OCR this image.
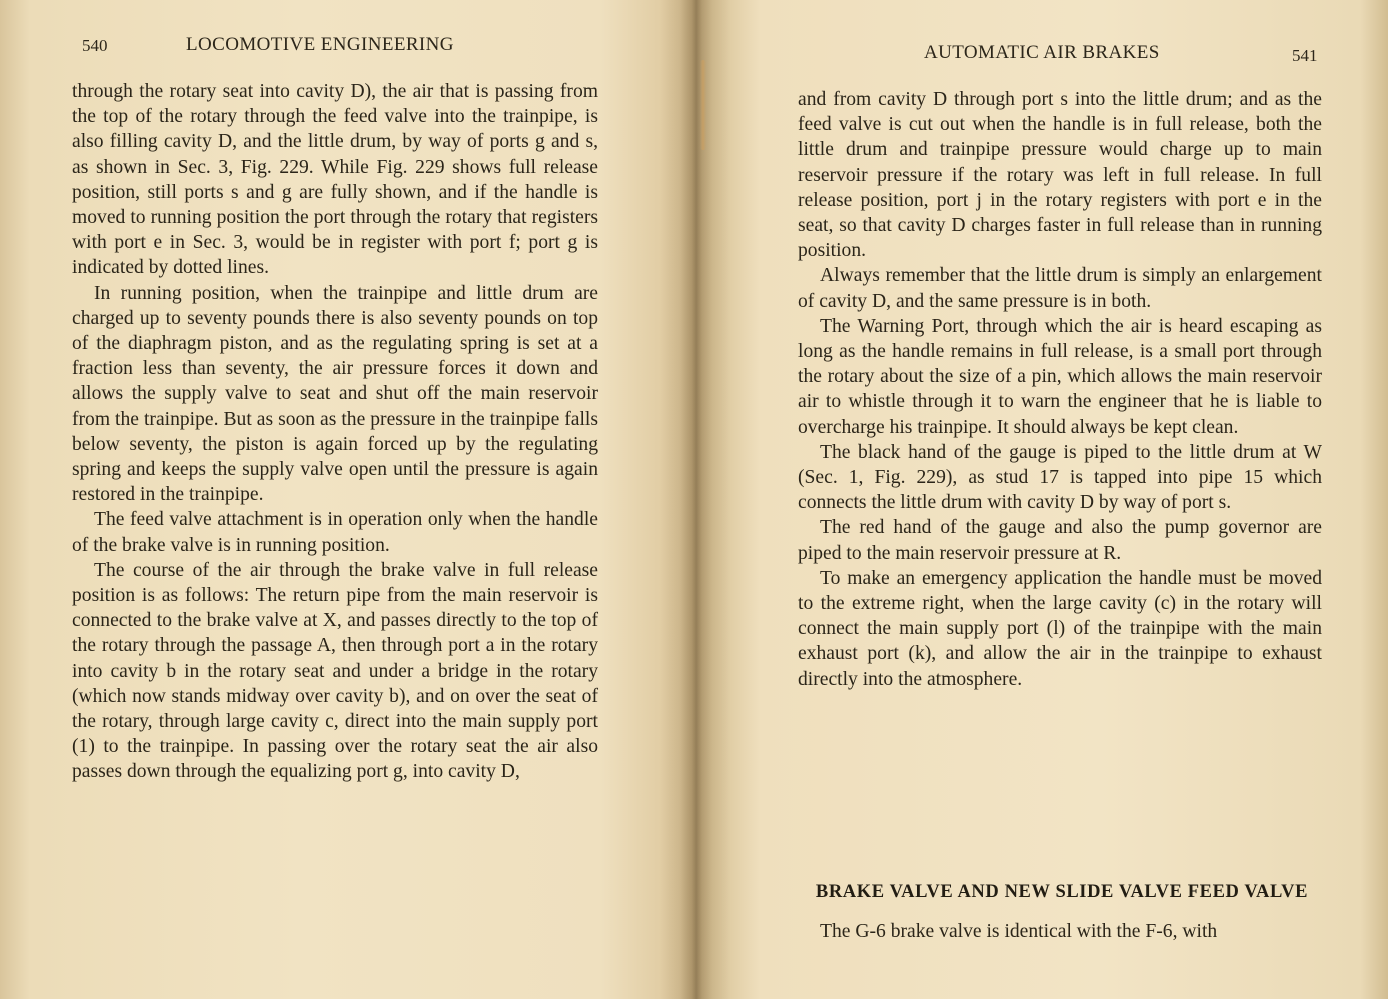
540	LOCOMOTIVE ENGINEERING

through the rotary seat into cavity D), the air that is passing from the top of the rotary through the feed valve into the trainpipe, is also filling cavity D, and the little drum, by way of ports g and s, as shown in Sec. 3, Fig. 229. While Fig. 229 shows full release position, still ports s and g are fully shown, and if the handle is moved to running position the port through the rotary that registers with port e in Sec. 3, would be in register with port f; port g is indicated by dotted lines.

In running position, when the trainpipe and little drum are charged up to seventy pounds there is also seventy pounds on top of the diaphragm piston, and as the regulating spring is set at a fraction less than seventy, the air pressure forces it down and allows the supply valve to seat and shut off the main reservoir from the trainpipe. But as soon as the pressure in the trainpipe falls below seventy, the piston is again forced up by the regulating spring and keeps the supply valve open until the pressure is again restored in the trainpipe.

The feed valve attachment is in operation only when the handle of the brake valve is in running position.

The course of the air through the brake valve in full release position is as follows: The return pipe from the main reservoir is connected to the brake valve at X, and passes directly to the top of the rotary through the passage A, then through port a in the rotary into cavity b in the rotary seat and under a bridge in the rotary (which now stands midway over cavity b), and on over the seat of the rotary, through large cavity c, direct into the main supply port (1) to the trainpipe. In passing over the rotary seat the air also passes down through the equalizing port g, into cavity D,

AUTOMATIC AIR BRAKES	541

and from cavity D through port s into the little drum; and as the feed valve is cut out when the handle is in full release, both the little drum and trainpipe pressure would charge up to main reservoir pressure if the rotary was left in full release. In full release position, port j in the rotary registers with port e in the seat, so that cavity D charges faster in full release than in running position.

Always remember that the little drum is simply an enlargement of cavity D, and the same pressure is in both.

The Warning Port, through which the air is heard escaping as long as the handle remains in full release, is a small port through the rotary about the size of a pin, which allows the main reservoir air to whistle through it to warn the engineer that he is liable to overcharge his trainpipe. It should always be kept clean.

The black hand of the gauge is piped to the little drum at W (Sec. 1, Fig. 229), as stud 17 is tapped into pipe 15 which connects the little drum with cavity D by way of port s.

The red hand of the gauge and also the pump governor are piped to the main reservoir pressure at R.

To make an emergency application the handle must be moved to the extreme right, when the large cavity (c) in the rotary will connect the main supply port (l) of the trainpipe with the main exhaust port (k), and allow the air in the trainpipe to exhaust directly into the atmosphere.

BRAKE VALVE AND NEW SLIDE VALVE FEED VALVE

The G-6 brake valve is identical with the F-6, with
